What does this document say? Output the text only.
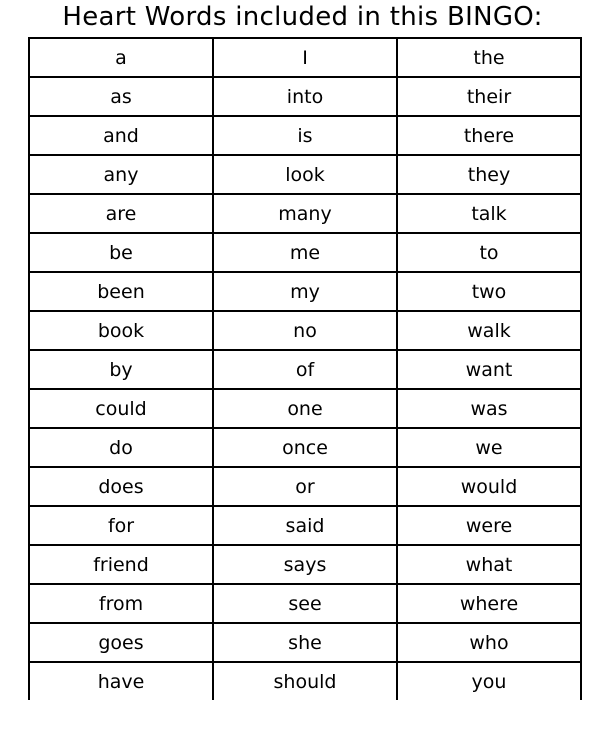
Heart Words included in this BINGO:
a	I	the
as	into	their
and	is	there
any	look	they
are	many	talk
be	me	to
been	my	two
book	no	walk
by	of	want
could	one	was
do	once	we
does	or	would
for	said	were
friend	says	what
from	see	where
goes	she	who
have	should	you
